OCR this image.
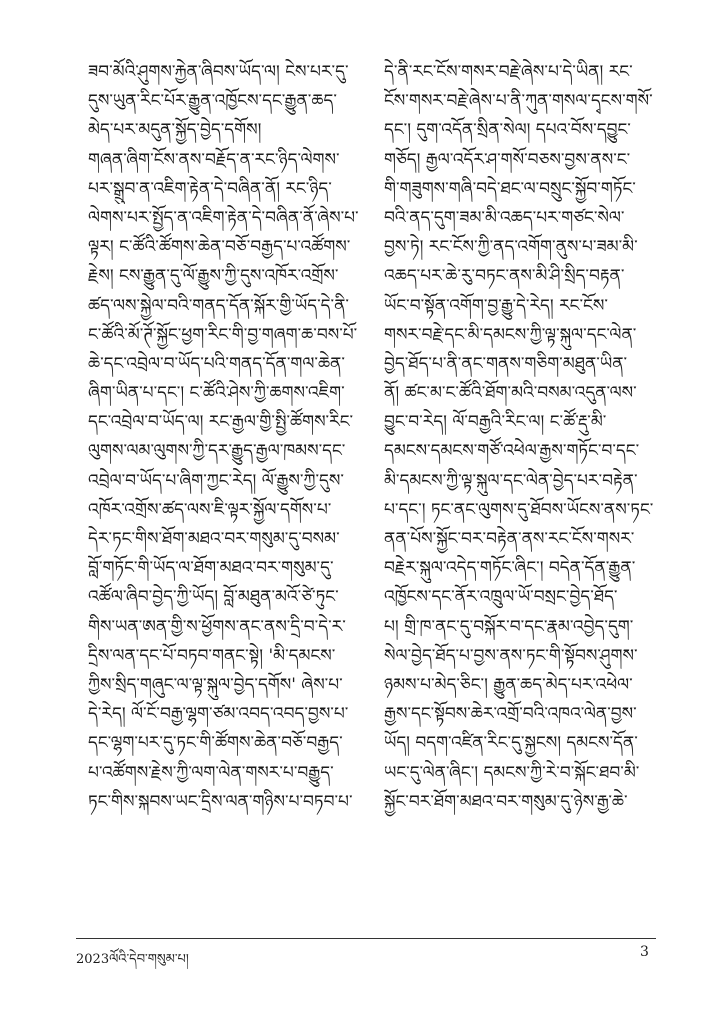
ཟབ་མོའི་ཤུགས་རྐྱེན་ཞིབས་ཡོད་ལ། ངེས་པར་དུ་
དུས་ཡུན་རིང་པོར་རྒྱུན་འཁྱོངས་དང་རྒྱུན་ཆད་
མེད་པར་མདུན་སྐྱོད་བྱེད་དགོས།
གཞན་ཞིག་ངོས་ནས་བརྗོད་ན་རང་ཉིད་ལེགས་
པར་སྒྲུབ་ན་འཇིག་རྟེན་དེ་བཞིན་ནོ། རང་ཉིད་
ལེགས་པར་སྤྱོད་ན་འཇིག་རྟེན་དེ་བཞིན་ནོ་ཞེས་པ་
ལྟར། ང་ཚོའི་ཚོགས་ཆེན་བཅོ་བརྒྱད་པ་འཚོགས་
རྗེས། ངས་རྒྱུན་དུ་ལོ་རྒྱུས་ཀྱི་དུས་འཁོར་འགྲོས་
ཚད་ལས་སྐྱེལ་བའི་གནད་དོན་སྐོར་གྱི་ཡོད་དེ་ནི་
ང་ཚོའི་མོ་ཊོ་སྐྱོང་ཕྱག་རིང་གི་བྱ་གཞག་ཆ་བས་པོ་
ཆེ་དང་འབྲེལ་བ་ཡོད་པའི་གནད་དོན་གལ་ཆེན་
ཞིག་ཡིན་པ་དང་། ང་ཚོའི་ཤེས་ཀྱི་ཆགས་འཇིག་
དང་འབྲེལ་བ་ཡོད་ལ། རང་རྒྱལ་གྱི་སྤྱི་ཚོགས་རིང་
ལུགས་ལམ་ལུགས་ཀྱི་དར་རྒྱུད་རྒྱལ་ཁམས་དང་
འབྲེལ་བ་ཡོད་པ་ཞིག་ཀྱང་རེད། ལོ་རྒྱུས་ཀྱི་དུས་
འཁོར་འགྲོས་ཚད་ལས་ཇི་ལྟར་སྐྱོལ་དགོས་པ་
དེར་ཏང་གིས་ཐོག་མཐའ་བར་གསུམ་དུ་བསམ་
བློ་གཏོང་གི་ཡོད་ལ་ཐོག་མཐའ་བར་གསུམ་དུ་
འཚོལ་ཞིབ་བྱེད་ཀྱི་ཡོད། བློ་མཐུན་མའོ་ཙེ་ཏུང་
གིས་ཡན་ཨན་གྱི་ས་ཕྱོགས་ནང་ནས་དྲི་བ་དེ་ར་
དྲིས་ལན་དང་པོ་བཏབ་གནང་སྟེ། 'མི་དམངས་
ཀྱིས་སྲིད་གཞུང་ལ་ལྟ་སྐུལ་བྱེད་དགོས' ཞེས་པ་
དེ་རེད། ལོ་ངོ་བརྒྱ་ལྷག་ཙམ་འབད་འབད་བྱས་པ་
དང་ལྷག་པར་དུ་ཏང་གི་ཚོགས་ཆེན་བཅོ་བརྒྱད་
པ་འཚོགས་རྗེས་ཀྱི་ལག་ལེན་གསར་པ་བརྒྱུད་
ཏང་གིས་སྐབས་ཡང་དྲིས་ལན་གཉིས་པ་བཏབ་པ་
དེ་ནི་རང་ངོས་གསར་བརྗེ་ཞེས་པ་དེ་ཡིན། རང་
ངོས་གསར་བརྗེ་ཞེས་པ་ནི་ཀུན་གསལ་དྭངས་གསོ་
དང་། དུག་འདོན་སྲིན་སེལ། དཔའ་བོས་དབྱུང་
གཅོད། རྒྱལ་འདོར་ཤ་གསོ་བཅས་བྱས་ནས་ང་
གི་གཟུགས་གཞི་བདེ་ཐང་ལ་བསྲུང་སྐྱོབ་གཏོང་
བའི་ནད་དུག་ཟམ་མི་འཆད་པར་གཙང་སེལ་
བྱས་ཏེ། རང་ངོས་ཀྱི་ནད་འགོག་ནུས་པ་ཟམ་མི་
འཆད་པར་ཆེ་རུ་བཏང་ནས་མི་ཤི་སྲིད་བརྟན་
ཡོང་བ་སྟོན་འགོག་བྱ་རྒྱུ་དེ་རེད། རང་ངོས་
གསར་བརྗེ་དང་མི་དམངས་ཀྱི་ལྟ་སྐུལ་དང་ལེན་
བྱེད་ཐོད་པ་ནི་ནང་གནས་གཅིག་མཐུན་ཡིན་
ནོ། ཚང་མ་ང་ཚོའི་ཐོག་མའི་བསམ་འདུན་ལས་
བྱུང་བ་རེད། ལོ་བརྒྱའི་རིང་ལ། ང་ཚོ་རྡུ་མི་
དམངས་དམངས་གཙོ་འཕེལ་རྒྱས་གཏོང་བ་དང་
མི་དམངས་ཀྱི་ལྟ་སྐུལ་དང་ལེན་བྱེད་པར་བརྟེན་
པ་དང་། ཏང་ནང་ལུགས་དུ་ཐོབས་ཡོངས་ནས་ཏང་
ནན་པོས་སྐྱོང་བར་བརྟེན་ནས་རང་ངོས་གསར་
བརྗེར་སྐུལ་འདེད་གཏོང་ཞིང་། བདེན་དོན་རྒྱུན་
འཁྱོངས་དང་ནོར་འཁྲུལ་ཡོ་བསྲང་བྱེད་ཐོད་
པ། གྲི་ཁ་ནང་དུ་བསྐོར་བ་དང་རྣམ་འབྱེད་དུག་
སེལ་བྱེད་ཐོད་པ་བྱས་ནས་ཏང་གི་སྟོབས་ཤུགས་
ཉམས་པ་མེད་ཅིང་། རྒྱུན་ཆད་མེད་པར་འཕེལ་
རྒྱས་དང་སྟོབས་ཆེར་འགྲོ་བའི་འཁའ་ལེན་བྱས་
ཡོད། བདག་འཛིན་རིང་དུ་སྐྱངས། དམངས་དོན་
ཡང་དུ་ལེན་ཞིང་། དམངས་ཀྱི་རེ་བ་སྐོང་ཐབ་མི་
སྐྱོང་བར་ཐོག་མཐའ་བར་གསུམ་དུ་ཉེས་རྒྱ་ཆེ་
2023ལོའི་དེབ་གསུམ་པ།	3
